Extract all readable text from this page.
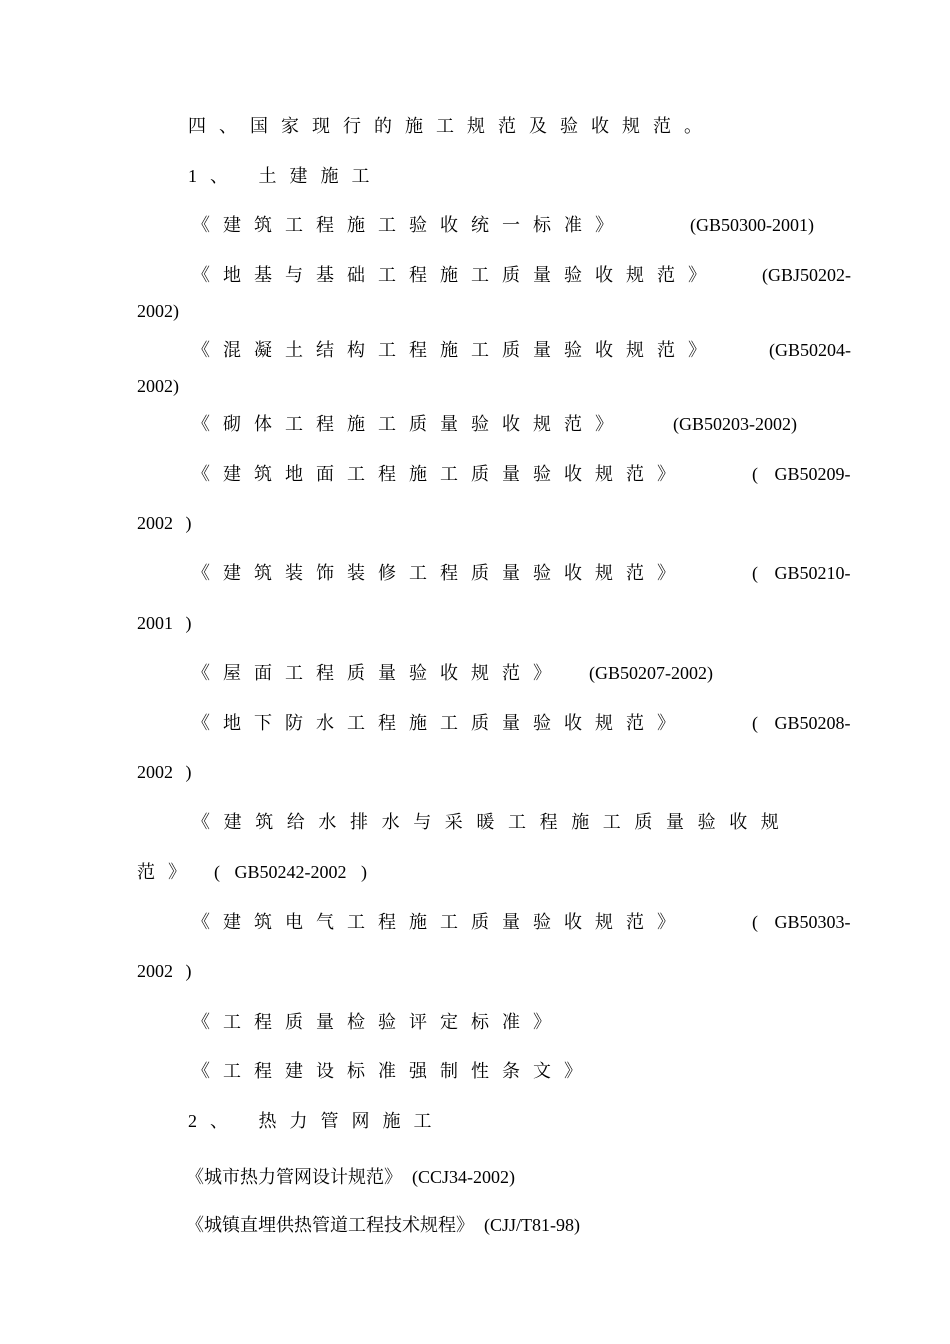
四、国家现行的施工规范及验收规范。
1、 土建施工
《建筑工程施工验收统一标准》	(GB50300-2001)
《地基与基础工程施工质量验收规范》 (GBJ50202-
2002)
《混凝土结构工程施工质量验收规范》	(GB50204-
2002)
《砌体工程施工质量验收规范》	(GB50203-2002)
《建筑地面工程施工质量验收规范》	( GB50209-
2002 )
《建筑装饰装修工程质量验收规范》	( GB50210-
2001 )
《屋面工程质量验收规范》 (GB50207-2002)
《地下防水工程施工质量验收规范》	( GB50208-
2002 )
《建筑给水排水与采暖工程施工质量验收规
范》 ( GB50242-2002 )
《建筑电气工程施工质量验收规范》	( GB50303-
2002 )
《工程质量检验评定标准》
《工程建设标准强制性条文》
2、 热力管网施工
《城市热力管网设计规范》 (CCJ34-2002)
《城镇直埋供热管道工程技术规程》 (CJJ/T81-98)
